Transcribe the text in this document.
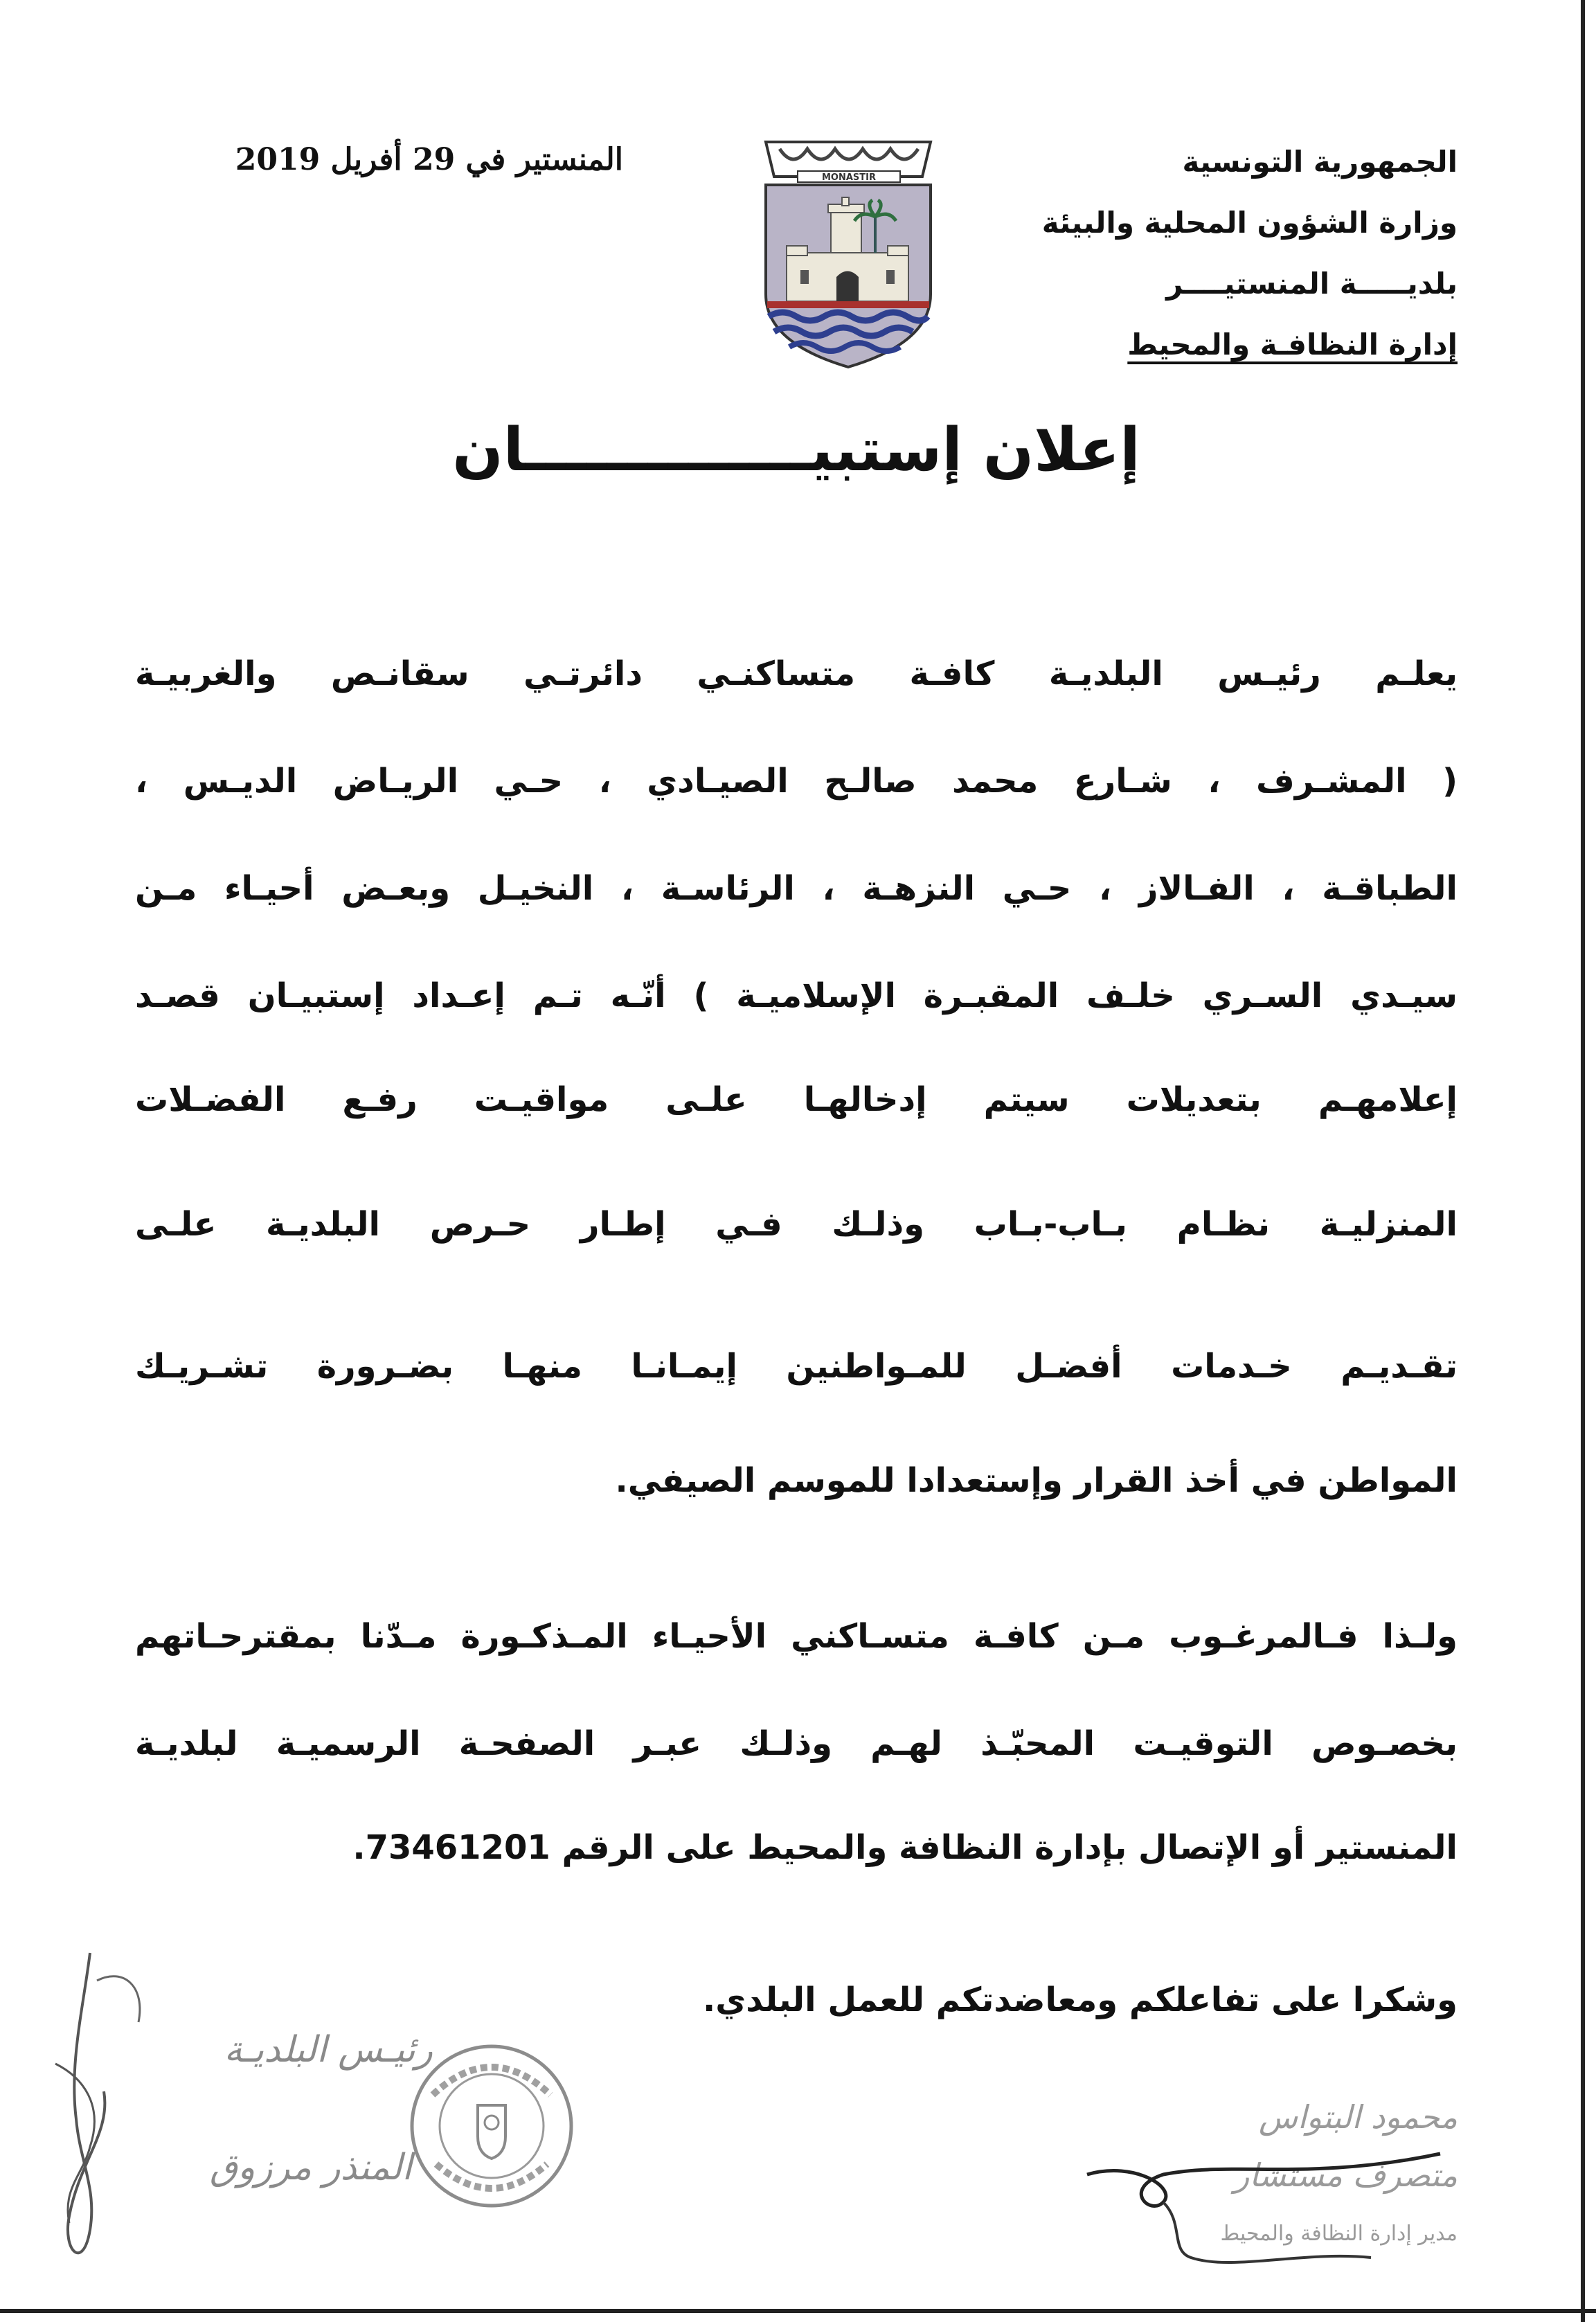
الجمهورية التونسية
وزارة الشؤون المحلية والبيئة
بلديـــــة المنستيــــر
إدارة النظافـة والمحيط
المنستير في 29 أفريل 2019
MONASTIR
إعلان إستبيــــــــــــــان
يعلـم رئيـس البلديـة كافـة متساكنـي دائرتـي سقانـص والغربيـة
( المشـرف ، شـارع محمد صالـح الصيـادي ، حـي الريـاض الديـس ،
الطباقـة ، الفـالاز ، حـي النزهـة ، الرئاسـة ، النخيـل وبعـض أحيـاء مـن
سيـدي السـري خلـف المقبـرة الإسلاميـة ) أنّـه تـم إعـداد إستبيـان قصـد
إعلامهـم بتعديلات سيتم إدخالهـا علـى مواقيـت رفـع الفضـلات
المنزليـة نظـام بـاب-بـاب وذلـك فـي إطـار حـرص البلديـة علـى
تقـديـم خـدمات أفضـل للمـواطنين إيمـانـا منهـا بضـرورة تشـريـك
المواطن في أخذ القرار وإستعدادا للموسم الصيفي.
ولـذا فـالمرغـوب مـن كافـة متسـاكني الأحيـاء المـذكـورة مـدّنا بمقترحـاتهم
بخصـوص التوقيـت المحبّـذ لهـم وذلـك عبـر الصفحـة الرسميـة لبلديـة
المنستير أو الإتصال بإدارة النظافة والمحيط على الرقم 73461201.
وشكرا على تفاعلكم ومعاضدتكم للعمل البلدي.
رئيـس البلديـة
المنذر مرزوق
محمود البتواس
متصرف مستشار
مدير إدارة النظافة والمحيط
